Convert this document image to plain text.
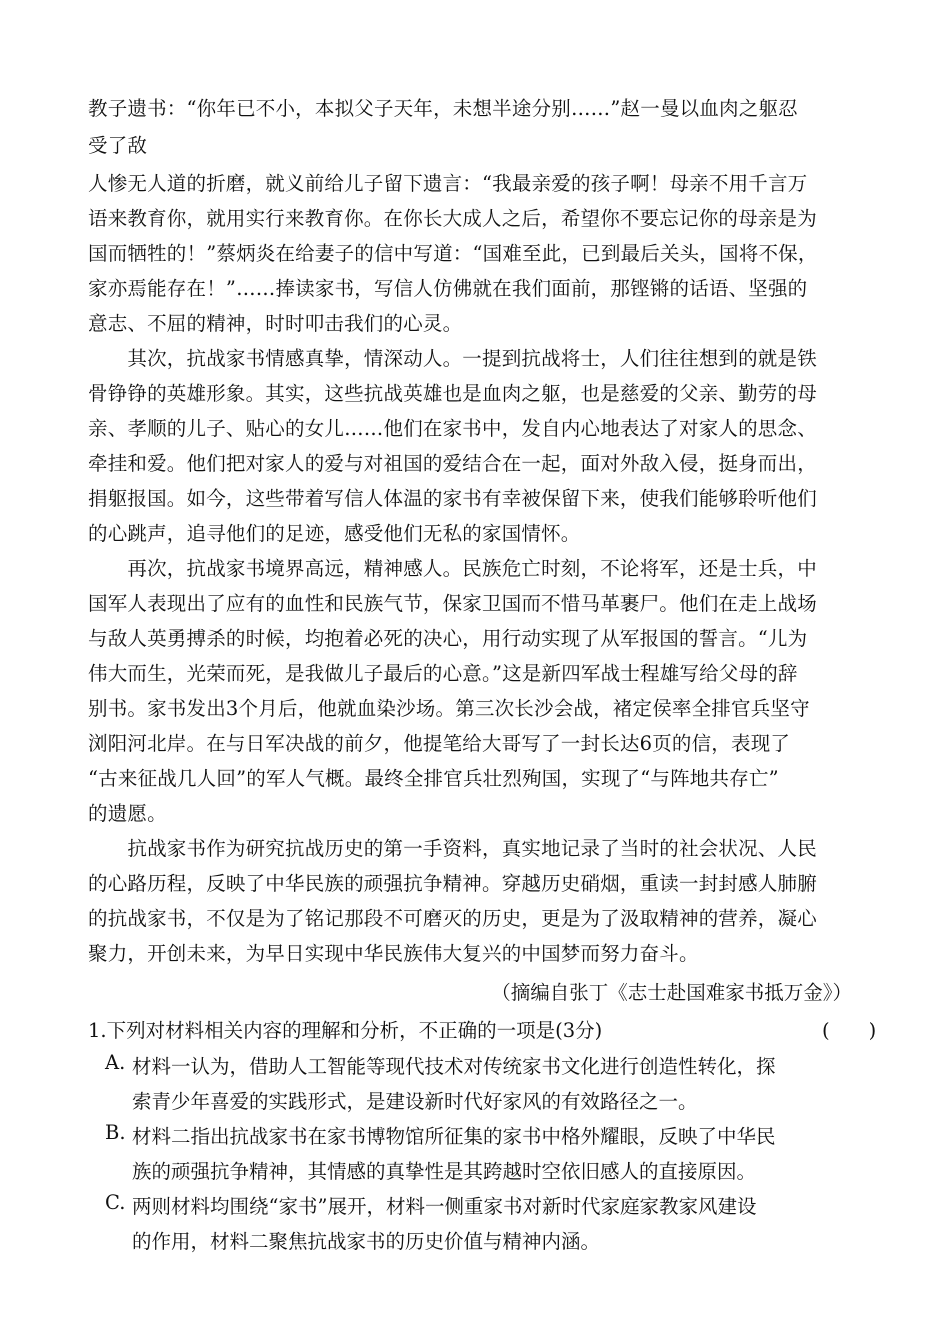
教子遗书：“你年已不小，本拟父子天年，未想半途分别……”赵一曼以血肉之躯忍
受了敌
人惨无人道的折磨，就义前给儿子留下遗言：“我最亲爱的孩子啊！母亲不用千言万
语来教育你，就用实行来教育你。在你长大成人之后，希望你不要忘记你的母亲是为
国而牺牲的！”蔡炳炎在给妻子的信中写道：“国难至此，已到最后关头，国将不保，
家亦焉能存在！”……捧读家书，写信人仿佛就在我们面前，那铿锵的话语、坚强的
意志、不屈的精神，时时叩击我们的心灵。
　　其次，抗战家书情感真挚，情深动人。一提到抗战将士，人们往往想到的就是铁
骨铮铮的英雄形象。其实，这些抗战英雄也是血肉之躯，也是慈爱的父亲、勤劳的母
亲、孝顺的儿子、贴心的女儿……他们在家书中，发自内心地表达了对家人的思念、
牵挂和爱。他们把对家人的爱与对祖国的爱结合在一起，面对外敌入侵，挺身而出，
捐躯报国。如今，这些带着写信人体温的家书有幸被保留下来，使我们能够聆听他们
的心跳声，追寻他们的足迹，感受他们无私的家国情怀。
　　再次，抗战家书境界高远，精神感人。民族危亡时刻，不论将军，还是士兵，中
国军人表现出了应有的血性和民族气节，保家卫国而不惜马革裹尸。他们在走上战场
与敌人英勇搏杀的时候，均抱着必死的决心，用行动实现了从军报国的誓言。“儿为
伟大而生，光荣而死，是我做儿子最后的心意。”这是新四军战士程雄写给父母的辞
别书。家书发出3个月后，他就血染沙场。第三次长沙会战，褚定侯率全排官兵坚守
浏阳河北岸。在与日军决战的前夕，他提笔给大哥写了一封长达6页的信，表现了
“古来征战几人回”的军人气概。最终全排官兵壮烈殉国，实现了“与阵地共存亡”
的遗愿。
　　抗战家书作为研究抗战历史的第一手资料，真实地记录了当时的社会状况、人民
的心路历程，反映了中华民族的顽强抗争精神。穿越历史硝烟，重读一封封感人肺腑
的抗战家书，不仅是为了铭记那段不可磨灭的历史，更是为了汲取精神的营养，凝心
聚力，开创未来，为早日实现中华民族伟大复兴的中国梦而努力奋斗。
（摘编自张丁《志士赴国难家书抵万金》）
1.下列对材料相关内容的理解和分析，不正确的一项是(3分)	(　　)
A. 材料一认为，借助人工智能等现代技术对传统家书文化进行创造性转化，探
索青少年喜爱的实践形式，是建设新时代好家风的有效路径之一。
B. 材料二指出抗战家书在家书博物馆所征集的家书中格外耀眼，反映了中华民
族的顽强抗争精神，其情感的真挚性是其跨越时空依旧感人的直接原因。
C. 两则材料均围绕“家书”展开，材料一侧重家书对新时代家庭家教家风建设
的作用，材料二聚焦抗战家书的历史价值与精神内涵。
